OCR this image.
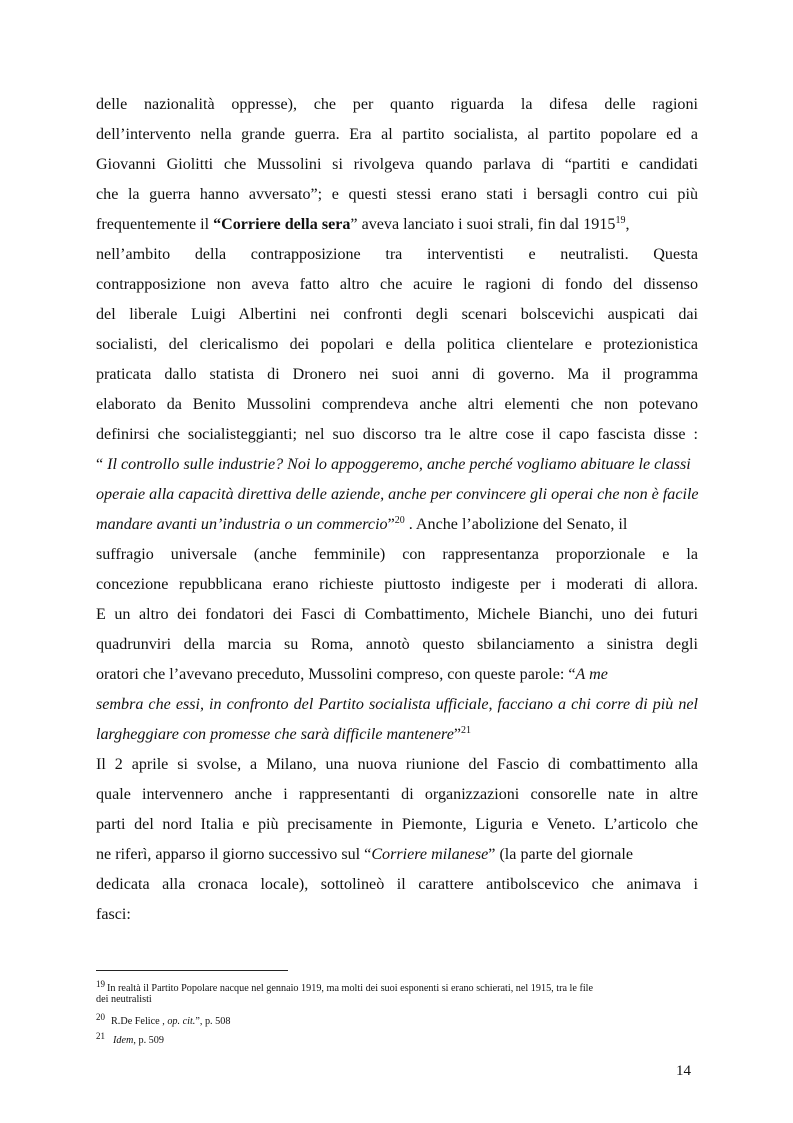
delle nazionalità oppresse), che per quanto riguarda la difesa delle ragioni
dell’intervento nella grande guerra. Era al partito socialista, al partito popolare ed a
Giovanni Giolitti che Mussolini si rivolgeva quando parlava di “partiti e candidati
che la guerra hanno avversato”; e questi stessi erano stati i bersagli contro cui più
frequentemente il “Corriere della sera” aveva lanciato i suoi strali, fin dal 1915$^{19}$,
nell’ambito della contrapposizione tra interventisti e neutralisti. Questa
contrapposizione non aveva fatto altro che acuire le ragioni di fondo del dissenso
del liberale Luigi Albertini nei confronti degli scenari bolscevichi auspicati dai
socialisti, del clericalismo dei popolari e della politica clientelare e protezionistica
praticata dallo statista di Dronero nei suoi anni di governo. Ma il programma
elaborato da Benito Mussolini comprendeva anche altri elementi che non potevano
definirsi che socialisteggianti; nel suo discorso tra le altre cose il capo fascista disse :
“ Il controllo sulle industrie? Noi lo appoggeremo, anche perché vogliamo abituare le classi
operaie alla capacità direttiva delle aziende, anche per convincere gli operai che non è facile
mandare avanti un’industria o un commercio”$^{20}$ . Anche l’abolizione del Senato, il
suffragio universale (anche femminile) con rappresentanza proporzionale e la
concezione repubblicana erano richieste piuttosto indigeste per i moderati di allora.
E un altro dei fondatori dei Fasci di Combattimento, Michele Bianchi, uno dei futuri
quadrunviri della marcia su Roma, annotò questo sbilanciamento a sinistra degli
oratori che l’avevano preceduto, Mussolini compreso, con queste parole: “A me
sembra che essi, in confronto del Partito socialista ufficiale, facciano a chi corre di più nel
largheggiare con promesse che sarà difficile mantenere”$^{21}$
Il 2 aprile si svolse, a Milano, una nuova riunione del Fascio di combattimento alla
quale intervennero anche i rappresentanti di organizzazioni consorelle nate in altre
parti del nord Italia e più precisamente in Piemonte, Liguria e Veneto. L’articolo che
ne riferì, apparso il giorno successivo sul “Corriere milanese” (la parte del giornale
dedicata alla cronaca locale), sottolineò il carattere antibolscevico che animava i
fasci:
19 In realtà il Partito Popolare nacque nel gennaio 1919, ma molti dei suoi esponenti si erano schierati, nel 1915, tra le file
dei neutralisti
20 R.De Felice , op. cit.”, p. 508
21 Idem, p. 509
14
